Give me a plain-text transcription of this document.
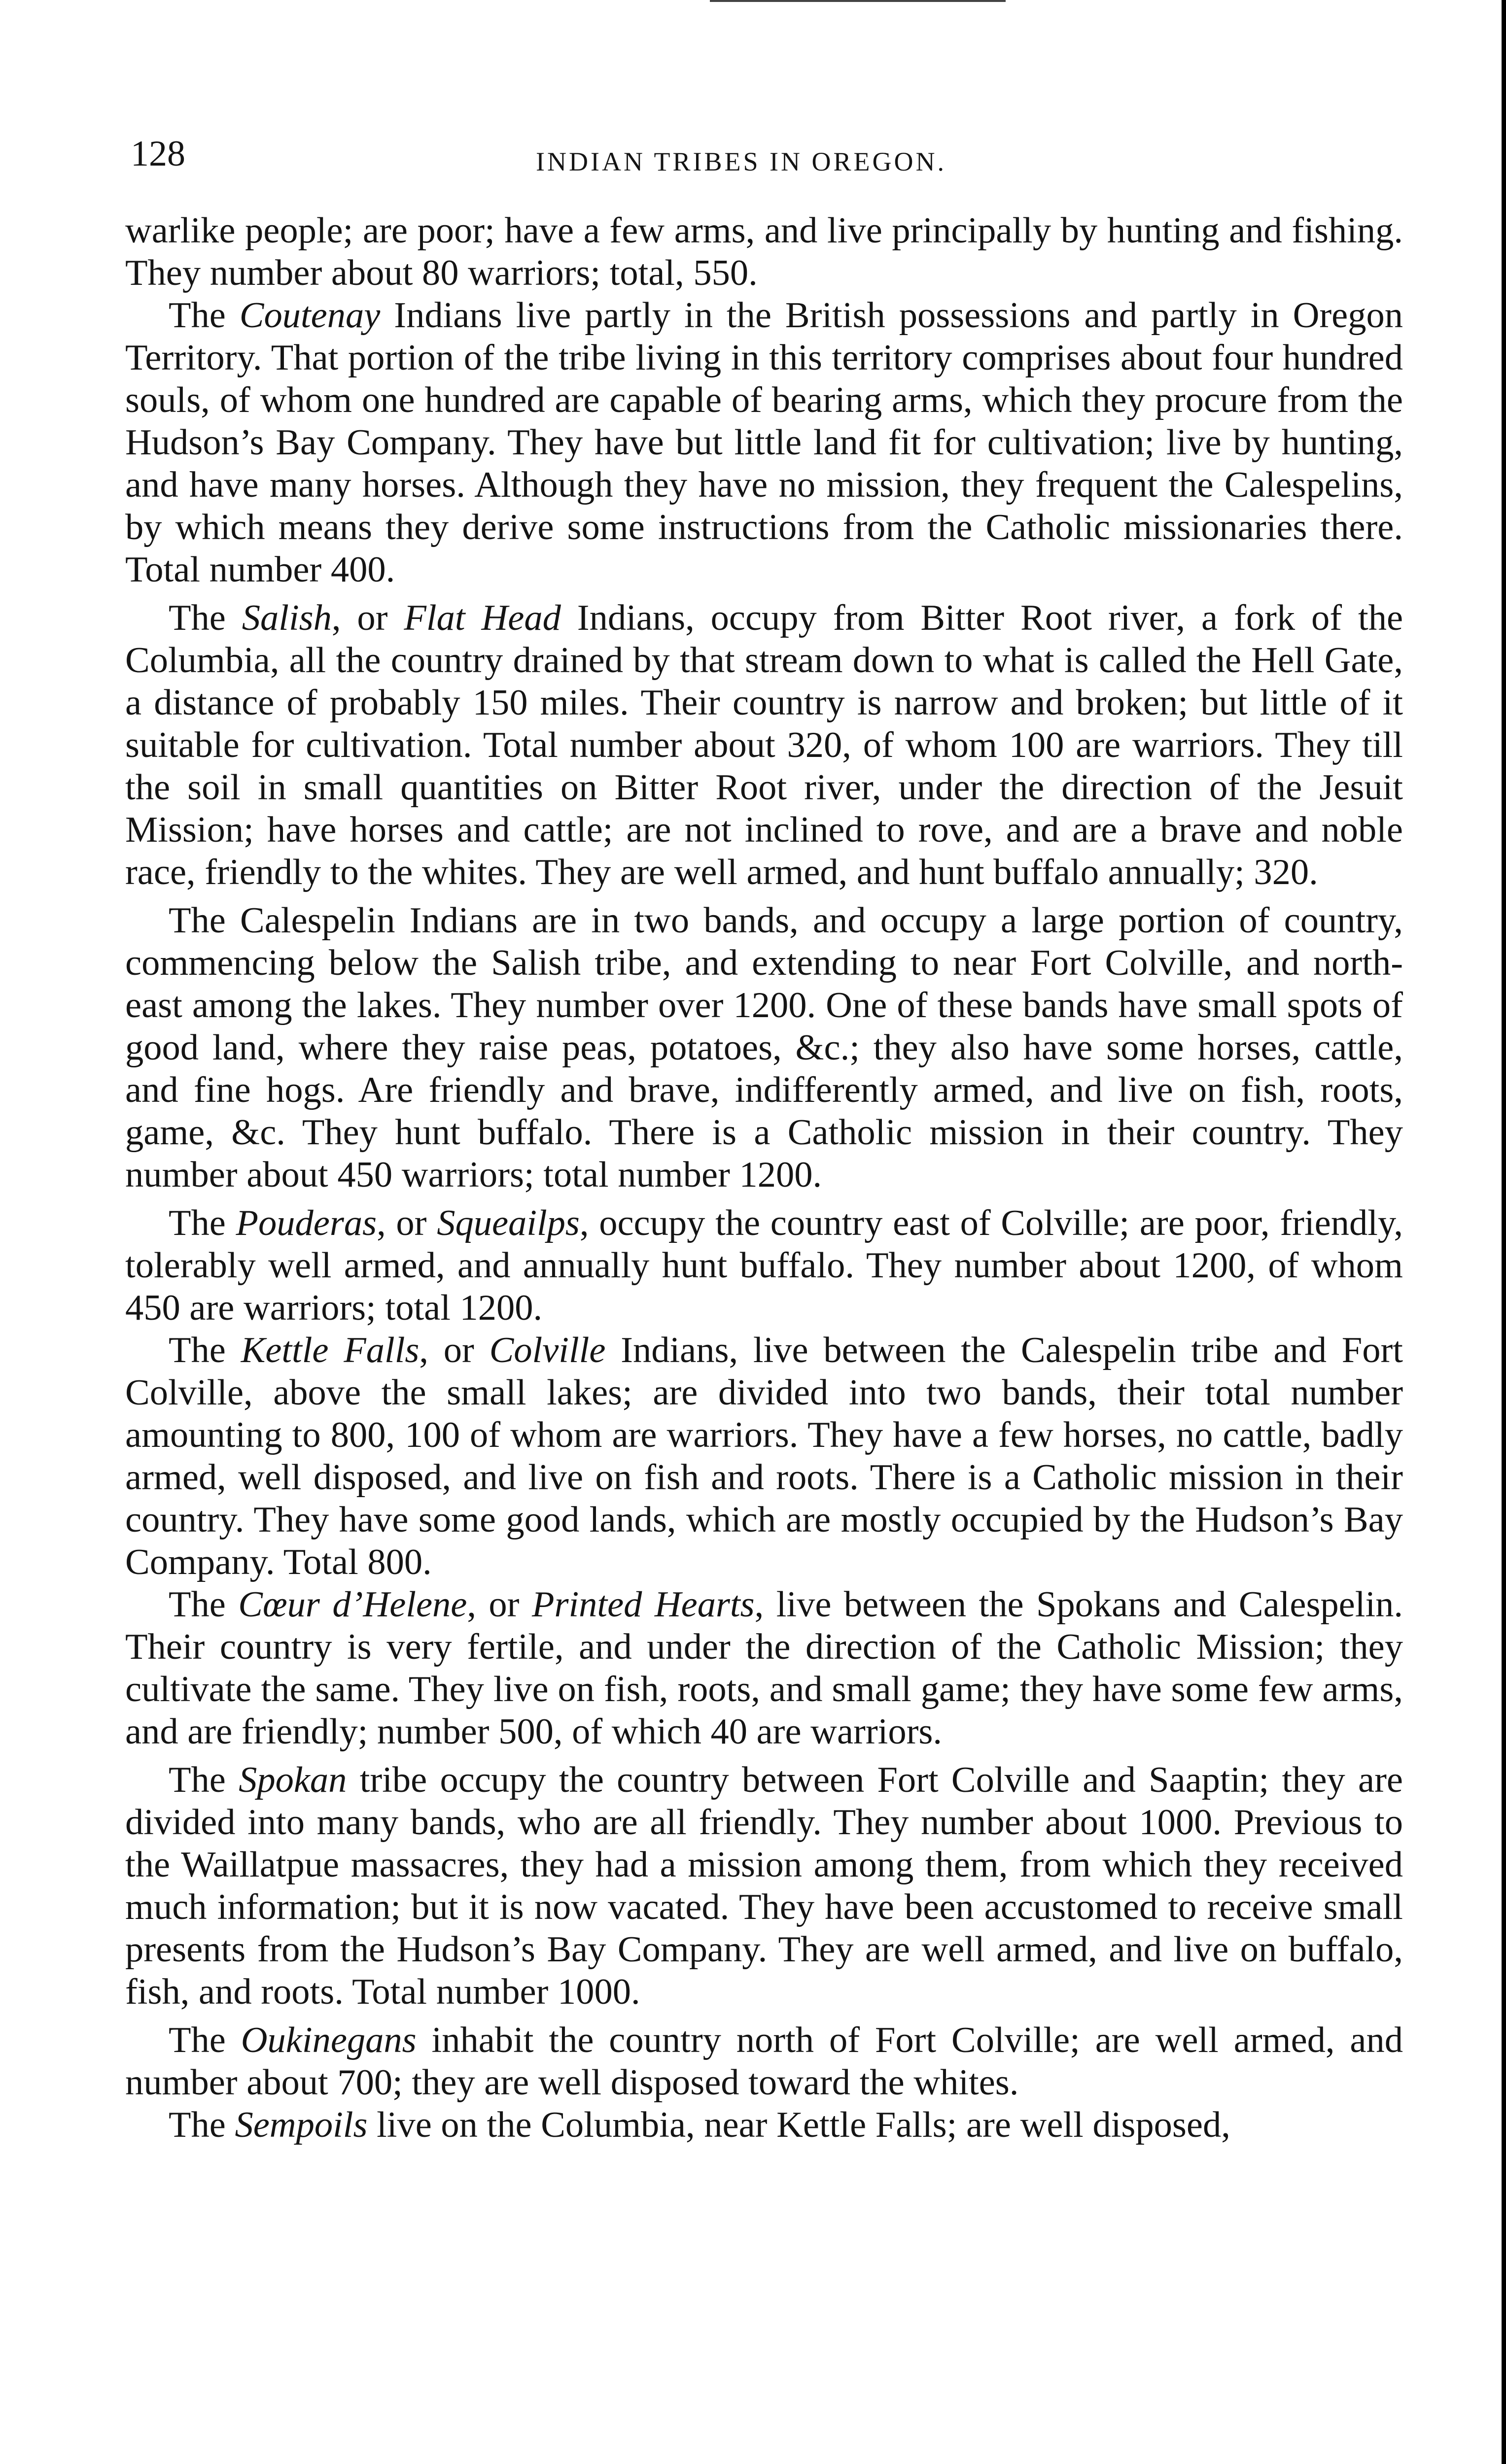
128	INDIAN TRIBES IN OREGON.

warlike people; are poor; have a few arms, and live principally by hunting and fishing. They number about 80 warriors; total, 550.

The Coutenay Indians live partly in the British possessions and partly in Oregon Territory. That portion of the tribe living in this territory comprises about four hundred souls, of whom one hundred are capable of bearing arms, which they procure from the Hudson’s Bay Company. They have but little land fit for cultivation; live by hunting, and have many horses. Although they have no mission, they frequent the Calespelins, by which means they derive some instructions from the Catholic missionaries there. Total number 400.

The Salish, or Flat Head Indians, occupy from Bitter Root river, a fork of the Columbia, all the country drained by that stream down to what is called the Hell Gate, a distance of probably 150 miles. Their country is narrow and broken; but little of it suitable for cultivation. Total number about 320, of whom 100 are warriors. They till the soil in small quantities on Bitter Root river, under the direction of the Jesuit Mission; have horses and cattle; are not inclined to rove, and are a brave and noble race, friendly to the whites. They are well armed, and hunt buffalo annually; 320.

The Calespelin Indians are in two bands, and occupy a large portion of country, commencing below the Salish tribe, and extending to near Fort Colville, and north-east among the lakes. They number over 1200. One of these bands have small spots of good land, where they raise peas, potatoes, &c.; they also have some horses, cattle, and fine hogs. Are friendly and brave, indifferently armed, and live on fish, roots, game, &c. They hunt buffalo. There is a Catholic mission in their country. They number about 450 warriors; total number 1200.

The Pouderas, or Squeailps, occupy the country east of Colville; are poor, friendly, tolerably well armed, and annually hunt buffalo. They number about 1200, of whom 450 are warriors; total 1200.

The Kettle Falls, or Colville Indians, live between the Calespelin tribe and Fort Colville, above the small lakes; are divided into two bands, their total number amounting to 800, 100 of whom are warriors. They have a few horses, no cattle, badly armed, well disposed, and live on fish and roots. There is a Catholic mission in their country. They have some good lands, which are mostly occupied by the Hudson’s Bay Company. Total 800.

The Cœur d’Helene, or Printed Hearts, live between the Spokans and Calespelin. Their country is very fertile, and under the direction of the Catholic Mission; they cultivate the same. They live on fish, roots, and small game; they have some few arms, and are friendly; number 500, of which 40 are warriors.

The Spokan tribe occupy the country between Fort Colville and Saaptin; they are divided into many bands, who are all friendly. They number about 1000. Previous to the Waillatpue massacres, they had a mission among them, from which they received much information; but it is now vacated. They have been accustomed to receive small presents from the Hudson’s Bay Company. They are well armed, and live on buffalo, fish, and roots. Total number 1000.

The Oukinegans inhabit the country north of Fort Colville; are well armed, and number about 700; they are well disposed toward the whites.

The Sempoils live on the Columbia, near Kettle Falls; are well disposed,
